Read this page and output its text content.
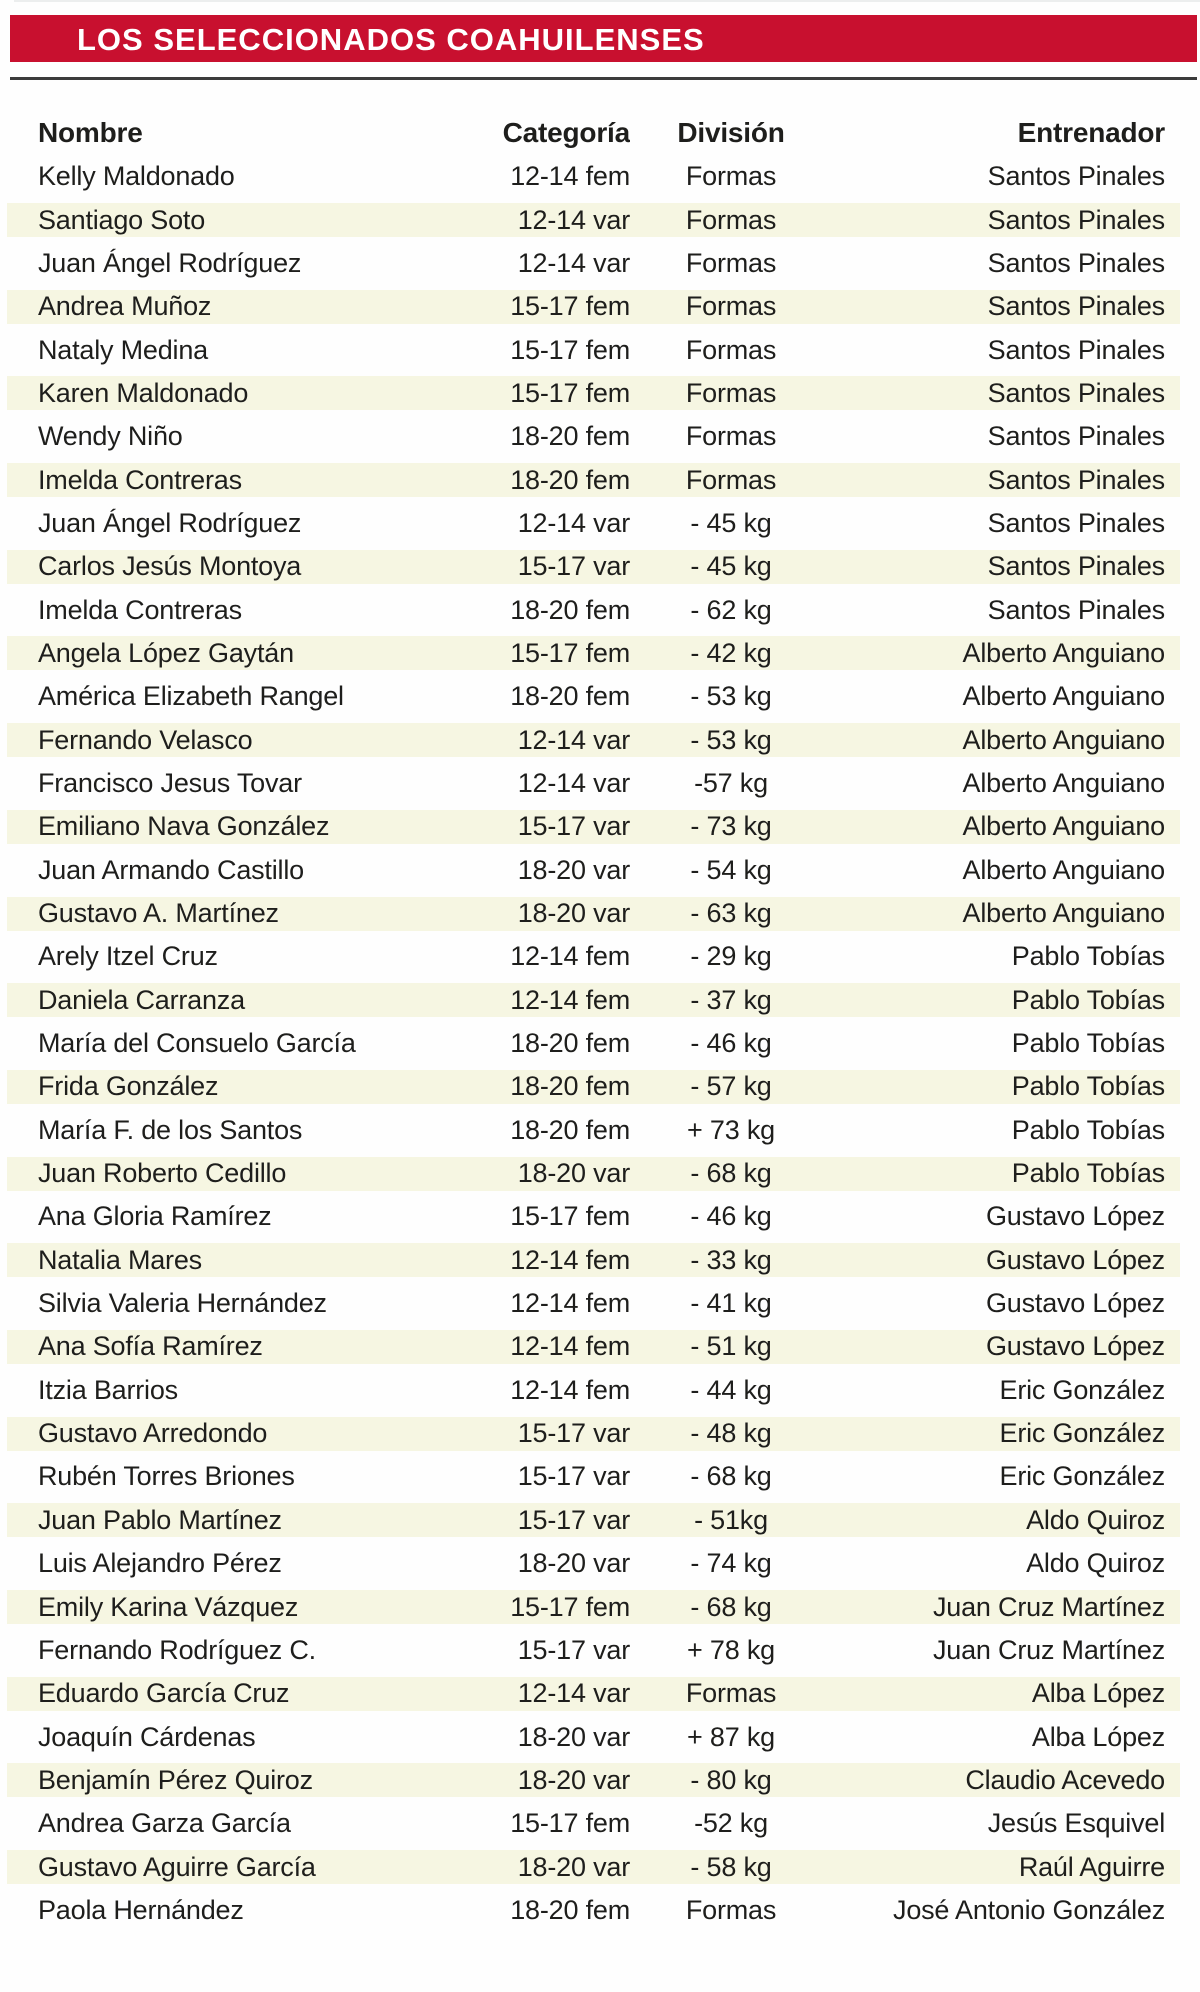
LOS SELECCIONADOS COAHUILENSES
Nombre	Categoría	División	Entrenador
Kelly Maldonado	12-14 fem	Formas	Santos Pinales
Santiago Soto	12-14 var	Formas	Santos Pinales
Juan Ángel Rodríguez	12-14 var	Formas	Santos Pinales
Andrea Muñoz	15-17 fem	Formas	Santos Pinales
Nataly Medina	15-17 fem	Formas	Santos Pinales
Karen Maldonado	15-17 fem	Formas	Santos Pinales
Wendy Niño	18-20 fem	Formas	Santos Pinales
Imelda Contreras	18-20 fem	Formas	Santos Pinales
Juan Ángel Rodríguez	12-14 var	- 45 kg	Santos Pinales
Carlos Jesús Montoya	15-17 var	- 45 kg	Santos Pinales
Imelda Contreras	18-20 fem	- 62 kg	Santos Pinales
Angela López Gaytán	15-17 fem	- 42 kg	Alberto Anguiano
América Elizabeth Rangel	18-20 fem	- 53 kg	Alberto Anguiano
Fernando Velasco	12-14 var	- 53 kg	Alberto Anguiano
Francisco Jesus Tovar	12-14 var	-57 kg	Alberto Anguiano
Emiliano Nava González	15-17 var	- 73 kg	Alberto Anguiano
Juan Armando Castillo	18-20 var	- 54 kg	Alberto Anguiano
Gustavo A. Martínez	18-20 var	- 63 kg	Alberto Anguiano
Arely Itzel Cruz	12-14 fem	- 29 kg	Pablo Tobías
Daniela Carranza	12-14 fem	- 37 kg	Pablo Tobías
María del Consuelo García	18-20 fem	- 46 kg	Pablo Tobías
Frida González	18-20 fem	- 57 kg	Pablo Tobías
María F. de los Santos	18-20 fem	+ 73 kg	Pablo Tobías
Juan Roberto Cedillo	18-20 var	- 68 kg	Pablo Tobías
Ana Gloria Ramírez	15-17 fem	- 46 kg	Gustavo López
Natalia Mares	12-14 fem	- 33 kg	Gustavo López
Silvia Valeria Hernández	12-14 fem	- 41 kg	Gustavo López
Ana Sofía Ramírez	12-14 fem	- 51 kg	Gustavo López
Itzia Barrios	12-14 fem	- 44 kg	Eric González
Gustavo Arredondo	15-17 var	- 48 kg	Eric González
Rubén Torres Briones	15-17 var	- 68 kg	Eric González
Juan Pablo Martínez	15-17 var	- 51kg	Aldo Quiroz
Luis Alejandro Pérez	18-20 var	- 74 kg	Aldo Quiroz
Emily Karina Vázquez	15-17 fem	- 68 kg	Juan Cruz Martínez
Fernando Rodríguez C.	15-17 var	+ 78 kg	Juan Cruz Martínez
Eduardo García Cruz	12-14 var	Formas	Alba López
Joaquín Cárdenas	18-20 var	+ 87 kg	Alba López
Benjamín Pérez Quiroz	18-20 var	- 80 kg	Claudio Acevedo
Andrea Garza García	15-17 fem	-52 kg	Jesús Esquivel
Gustavo Aguirre García	18-20 var	- 58 kg	Raúl Aguirre
Paola Hernández	18-20 fem	Formas	José Antonio González
